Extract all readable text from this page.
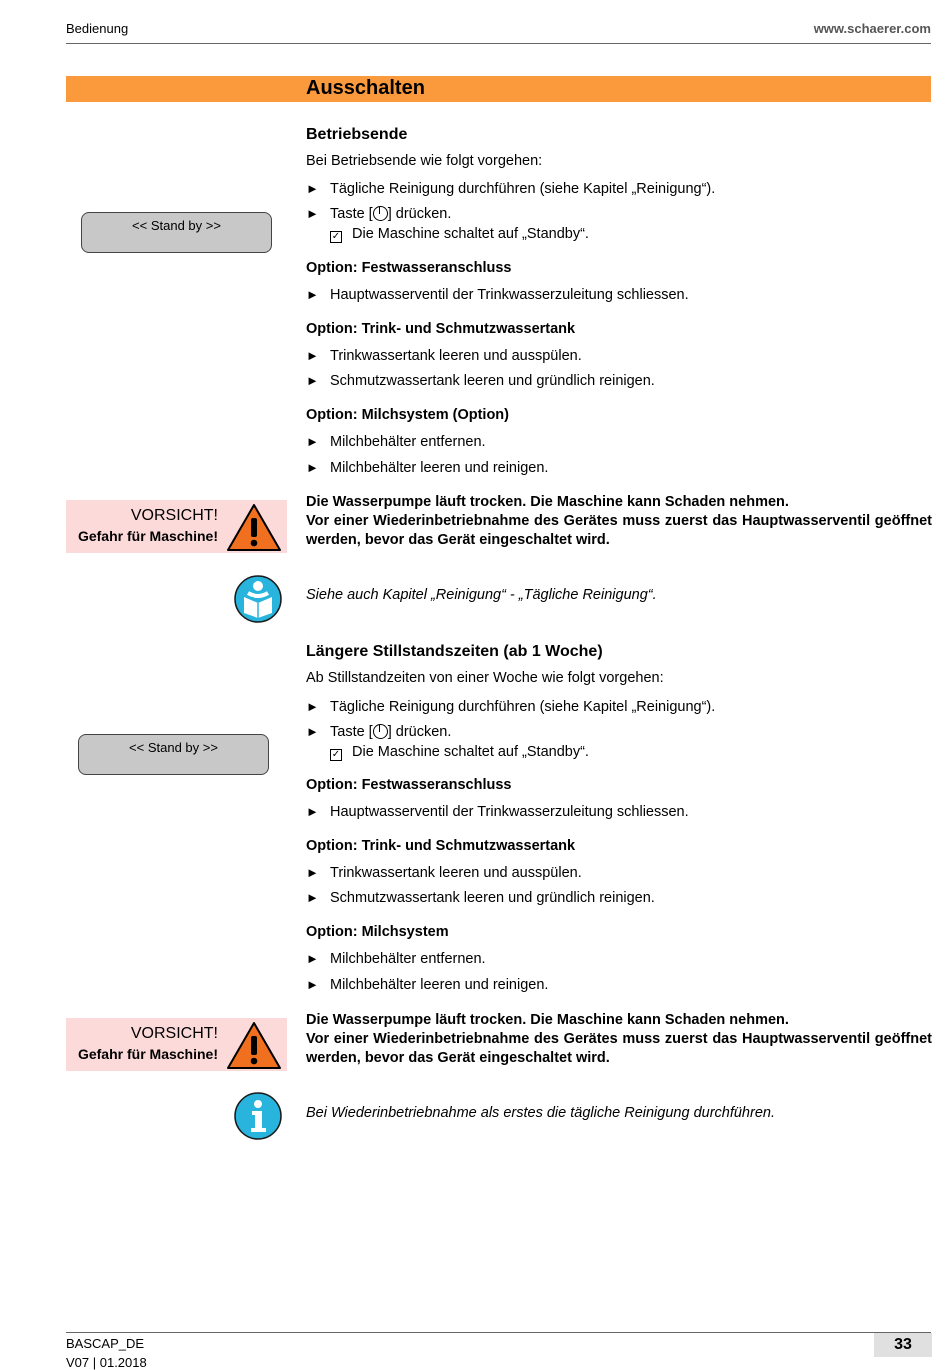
Bedienung	www.schaerer.com
Ausschalten
Betriebsende
Bei Betriebsende wie folgt vorgehen:
► Tägliche Reinigung durchführen (siehe Kapitel „Reinigung“).
► Taste [ ] drücken.
✓ Die Maschine schaltet auf „Standby“.
<< Stand by >>
Option: Festwasseranschluss
► Hauptwasserventil der Trinkwasserzuleitung schliessen.
Option: Trink- und Schmutzwassertank
► Trinkwassertank leeren und ausspülen.
► Schmutzwassertank leeren und gründlich reinigen.
Option: Milchsystem (Option)
► Milchbehälter entfernen.
► Milchbehälter leeren und reinigen.
VORSICHT!
Gefahr für Maschine!
Die Wasserpumpe läuft trocken. Die Maschine kann Schaden nehmen.
Vor einer Wiederinbetriebnahme des Gerätes muss zuerst das Hauptwasserventil geöffnet werden, bevor das Gerät eingeschaltet wird.
Siehe auch Kapitel „Reinigung“ - „Tägliche Reinigung“.
Längere Stillstandszeiten (ab 1 Woche)
Ab Stillstandzeiten von einer Woche wie folgt vorgehen:
► Tägliche Reinigung durchführen (siehe Kapitel „Reinigung“).
► Taste [ ] drücken.
✓ Die Maschine schaltet auf „Standby“.
<< Stand by >>
Option: Festwasseranschluss
► Hauptwasserventil der Trinkwasserzuleitung schliessen.
Option: Trink- und Schmutzwassertank
► Trinkwassertank leeren und ausspülen.
► Schmutzwassertank leeren und gründlich reinigen.
Option: Milchsystem
► Milchbehälter entfernen.
► Milchbehälter leeren und reinigen.
VORSICHT!
Gefahr für Maschine!
Die Wasserpumpe läuft trocken. Die Maschine kann Schaden nehmen.
Vor einer Wiederinbetriebnahme des Gerätes muss zuerst das Hauptwasserventil geöffnet werden, bevor das Gerät eingeschaltet wird.
Bei Wiederinbetriebnahme als erstes die tägliche Reinigung durchführen.
BASCAP_DE
V07 | 01.2018
33
